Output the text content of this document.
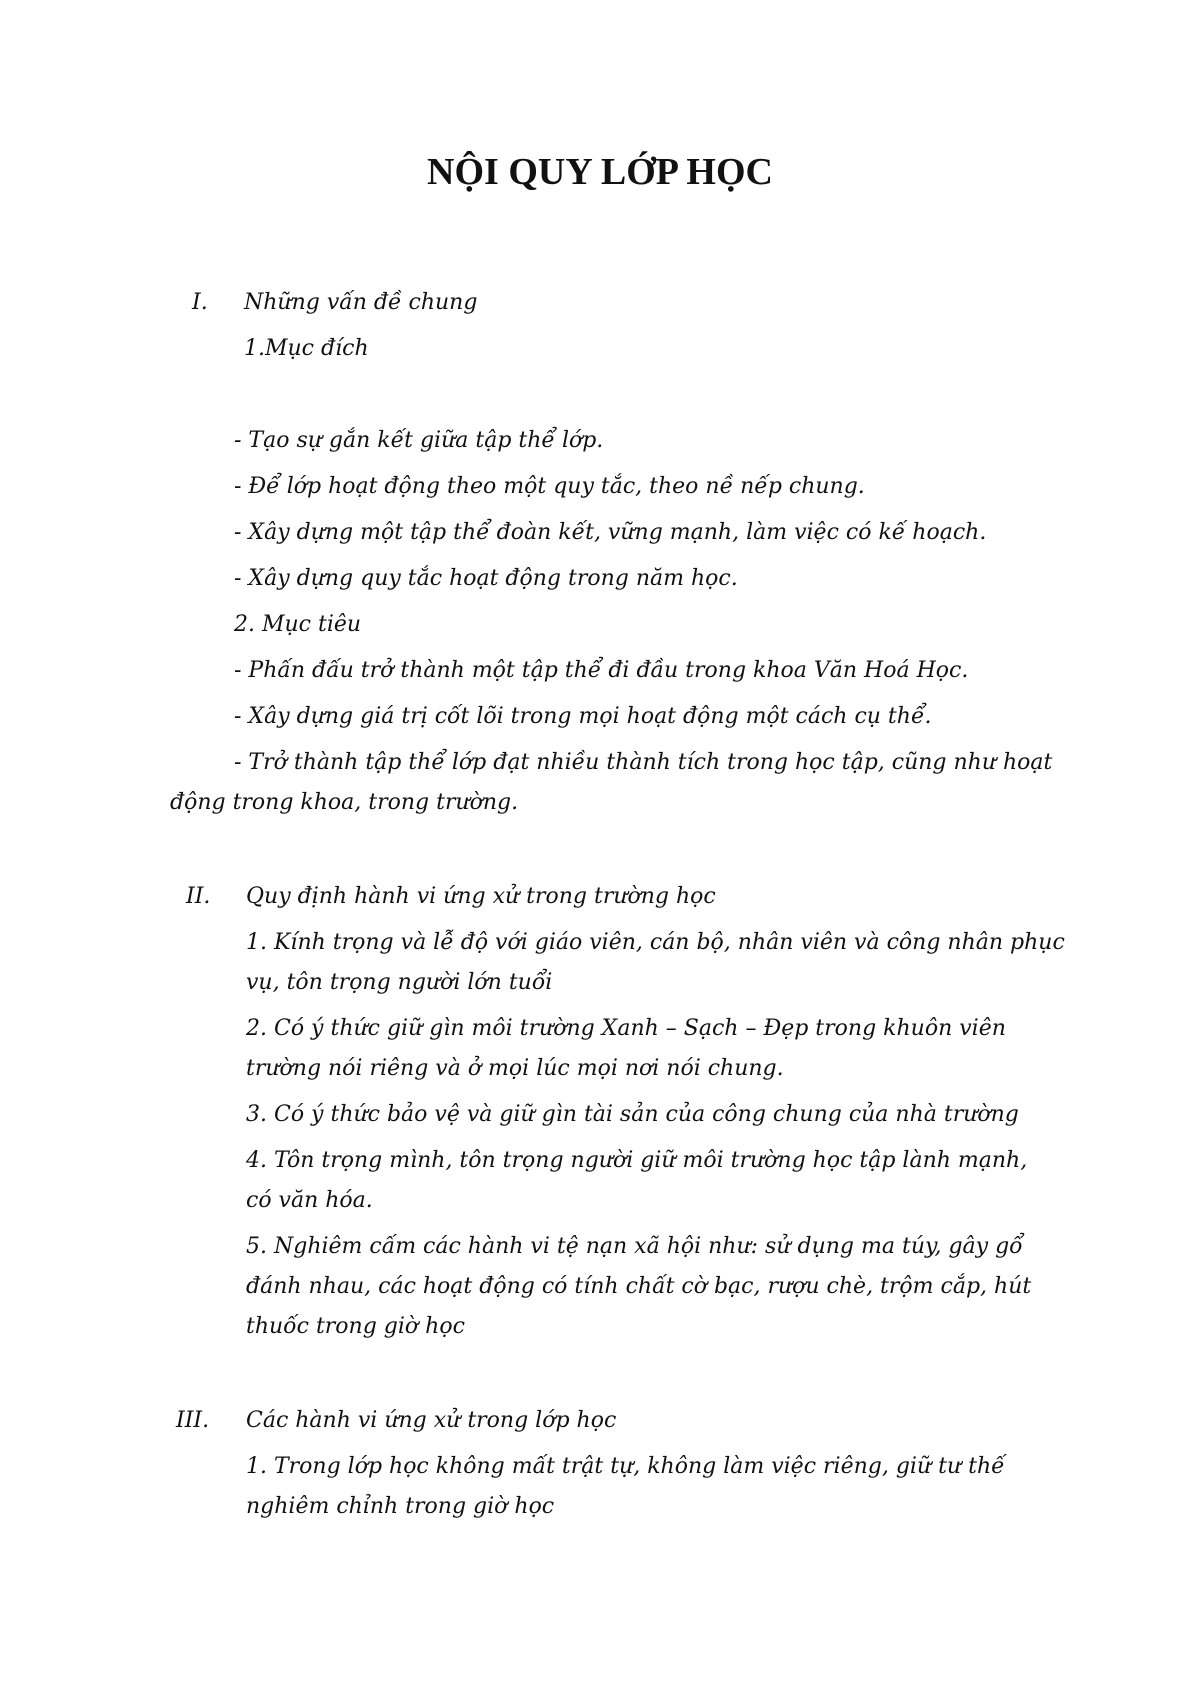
NỘI QUY LỚP HỌC
I. Những vấn đề chung
1.Mục đích
- Tạo sự gắn kết giữa tập thể lớp.
- Để lớp hoạt động theo một quy tắc, theo nề nếp chung.
- Xây dựng một tập thể đoàn kết, vững mạnh, làm việc có kế hoạch.
- Xây dựng quy tắc hoạt động trong năm học.
2. Mục tiêu
- Phấn đấu trở thành một tập thể đi đầu trong khoa Văn Hoá Học.
- Xây dựng giá trị cốt lõi trong mọi hoạt động một cách cụ thể.
- Trở thành tập thể lớp đạt nhiều thành tích trong học tập, cũng như hoạt
động trong khoa, trong trường.
II. Quy định hành vi ứng xử trong trường học
1. Kính trọng và lễ độ với giáo viên, cán bộ, nhân viên và công nhân phục
vụ, tôn trọng người lớn tuổi
2. Có ý thức giữ gìn môi trường Xanh – Sạch – Đẹp trong khuôn viên
trường nói riêng và ở mọi lúc mọi nơi nói chung.
3. Có ý thức bảo vệ và giữ gìn tài sản của công chung của nhà trường
4. Tôn trọng mình, tôn trọng người giữ môi trường học tập lành mạnh,
có văn hóa.
5. Nghiêm cấm các hành vi tệ nạn xã hội như: sử dụng ma túy, gây gổ
đánh nhau, các hoạt động có tính chất cờ bạc, rượu chè, trộm cắp, hút
thuốc trong giờ học
III. Các hành vi ứng xử trong lớp học
1. Trong lớp học không mất trật tự, không làm việc riêng, giữ tư thế
nghiêm chỉnh trong giờ học
